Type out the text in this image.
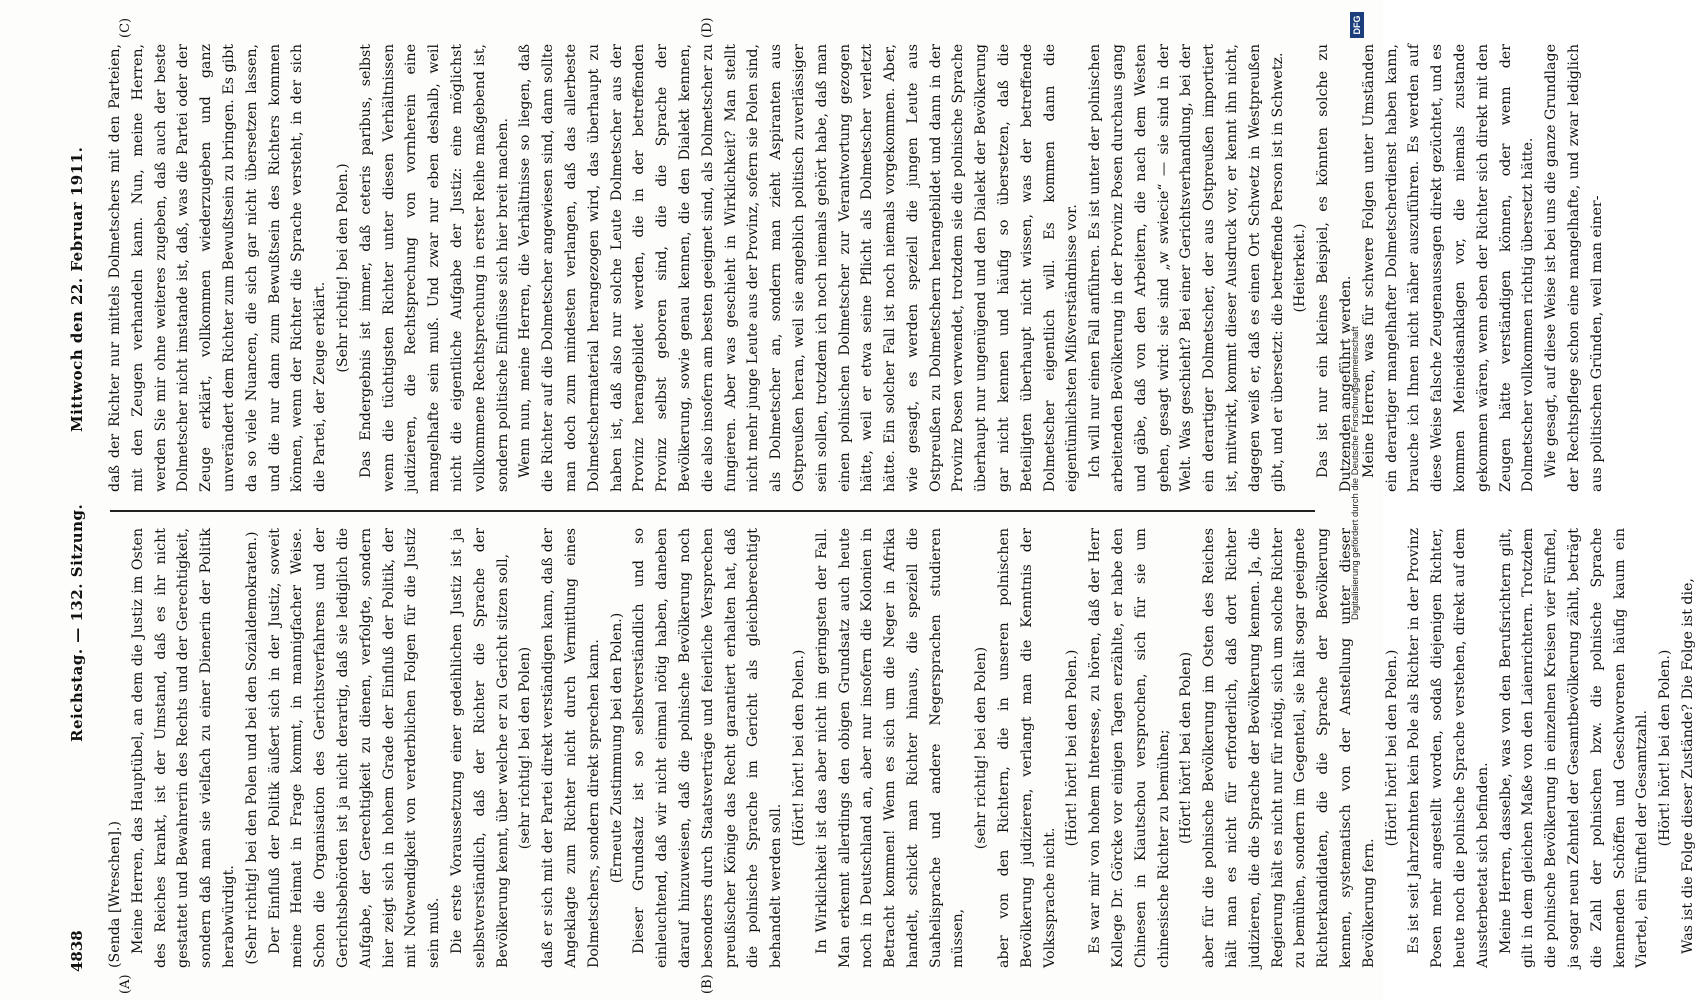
4838
Reichstag. — 132. Sitzung.
Mittwoch den 22. Februar 1911.
(A)	(B)
(C)	(D)

(Senda [Wreschen].) Meine Herren, das Hauptübel, an dem die Justiz im Osten des Reiches krankt, ist der Umstand, daß es ihr nicht gestattet und Bewahrerin des Rechts und der Gerechtigkeit, sondern daß man sie vielfach zu einer Dienerin der Politik herabwürdigt. (Sehr richtig! bei den Polen und bei den Sozialdemokraten.) Der Einfluß der Politik äußert sich in der Justiz, soweit meine Heimat in Frage kommt, in mannigfacher Weise. Schon die Organisation des Gerichtsverfahrens und der Gerichtsbehörden ist ja nicht derartig, daß sie lediglich die Aufgabe, der Gerechtigkeit zu dienen, verfolgte, sondern hier zeigt sich in hohem Grade der Einfluß der Politik, der mit Notwendigkeit von verderblichen Folgen für die Justiz sein muß. Die erste Voraussetzung einer gedeihlichen Justiz ist ja selbstverständlich, daß der Richter die Sprache der Bevölkerung kennt, über welche er zu Gericht sitzen soll, (sehr richtig! bei den Polen) daß er sich mit der Partei direkt verständigen kann, daß der Angeklagte zum Richter nicht durch Vermittlung eines Dolmetschers, sondern direkt sprechen kann. (Erneute Zustimmung bei den Polen.) Dieser Grundsatz ist so selbstverständlich und so einleuchtend, daß wir nicht einmal nötig haben, daneben darauf hinzuweisen, daß die polnische Bevölkerung noch besonders durch Staatsverträge und feierliche Versprechen preußischer Könige das Recht garantiert erhalten hat, daß die polnische Sprache im Gericht als gleichberechtigt behandelt werden soll.

(Hört! hört! bei den Polen.) In Wirklichkeit ist das aber nicht im geringsten der Fall. Man erkennt allerdings den obigen Grundsatz auch heute noch in Deutschland an, aber nur insofern die Kolonien in Betracht kommen! Wenn es sich um die Neger in Afrika handelt, schickt man Richter hinaus, die speziell die Suahelisprache und andere Negersprachen studieren müssen,

(sehr richtig! bei den Polen) aber von den Richtern, die in unseren polnischen Bevölkerung judizieren, verlangt man die Kenntnis der Volkssprache nicht.

(Hört! hört! bei den Polen.) Es war mir von hohem Interesse, zu hören, daß der Herr Kollege Dr. Görcke vor einigen Tagen erzählte, er habe den Chinesen in Kiautschou versprochen, sich für sie um chinesische Richter zu bemühen; (Hört! hört! bei den Polen) aber für die polnische Bevölkerung im Osten des Reiches hält man es nicht für erforderlich, daß dort Richter judizieren, die die Sprache der Bevölkerung kennen. Ja, die Regierung hält es nicht nur für nötig, sich um solche Richter zu bemühen, sondern im Gegenteil, sie hält sogar geeignete Richterkandidaten, die die Sprache der Bevölkerung kennen, systematisch von der Anstellung unter dieser Bevölkerung fern.

(Hört! hört! bei den Polen.) Es ist seit Jahrzehnten kein Pole als Richter in der Provinz Posen mehr angestellt worden, sodaß diejenigen Richter, heute noch die polnische Sprache verstehen, direkt auf dem Aussterbeetat sich befinden. Meine Herren, dasselbe, was von den Berufsrichtern gilt, gilt in dem gleichen Maße von den Laienrichtern. Trotzdem die polnische Bevölkerung in einzelnen Kreisen vier Fünftel, ja sogar neun Zehntel der Gesamtbevölkerung zählt, beträgt die Zahl der polnischen bzw. die polnische Sprache kennenden Schöffen und Geschworenen häufig kaum ein Viertel, ein Fünftel der Gesamtzahl. (Hört! hört! bei den Polen.) Was ist die Folge dieser Zustände? Die Folge ist die,

daß der Richter nur mittels Dolmetschers mit den Parteien, mit den Zeugen verhandeln kann. Nun, meine Herren, werden Sie mir ohne weiteres zugeben, daß auch der beste Dolmetscher nicht imstande ist, daß, was die Partei oder der Zeuge erklärt, vollkommen wiederzugeben und ganz unverändert dem Richter zum Bewußtsein zu bringen. Es gibt da so viele Nuancen, die sich gar nicht übersetzen lassen, und die nur dann zum Bewußtsein des Richters kommen können, wenn der Richter die Sprache versteht, in der sich die Partei, der Zeuge erklärt.

(Sehr richtig! bei den Polen.) Das Endergebnis ist immer, daß ceteris paribus, selbst wenn die tüchtigsten Richter unter diesen Verhältnissen judizieren, die Rechtsprechung von vornherein eine mangelhafte sein muß. Und zwar nur eben deshalb, weil nicht die eigentliche Aufgabe der Justiz: eine möglichst vollkommene Rechtsprechung in erster Reihe maßgebend ist, sondern politische Einflüsse sich hier breit machen. Wenn nun, meine Herren, die Verhältnisse so liegen, daß die Richter auf die Dolmetscher angewiesen sind, dann sollte man doch zum mindesten verlangen, daß das allerbeste Dolmetschermaterial herangezogen wird, das überhaupt zu haben ist, daß also nur solche Leute Dolmetscher aus der Provinz herangebildet werden, die in der betreffenden Provinz selbst geboren sind, die die Sprache der Bevölkerung, sowie genau kennen, die den Dialekt kennen, die also insofern am besten geeignet sind, als Dolmetscher zu fungieren. Aber was geschieht in Wirklichkeit? Man stellt nicht mehr junge Leute aus der Provinz, sofern sie Polen sind, als Dolmetscher an, sondern man zieht Aspiranten aus Ostpreußen heran, weil sie angeblich politisch zuverlässiger sein sollen, trotzdem ich noch niemals gehört habe, daß man einen polnischen Dolmetscher zur Verantwortung gezogen hätte, weil er etwa seine Pflicht als Dolmetscher verletzt hätte. Ein solcher Fall ist noch niemals vorgekommen. Aber, wie gesagt, es werden speziell die jungen Leute aus Ostpreußen zu Dolmetschern herangebildet und dann in der Provinz Posen verwendet, trotzdem sie die polnische Sprache überhaupt nur ungenügend und den Dialekt der Bevölkerung gar nicht kennen und häufig so übersetzen, daß die Beteiligten überhaupt nicht wissen, was der betreffende Dolmetscher eigentlich will. Es kommen dann die eigentümlichsten Mißverständnisse vor. Ich will nur einen Fall anführen. Es ist unter der polnischen arbeitenden Bevölkerung in der Provinz Posen durchaus gang und gäbe, daß von den Arbeitern, die nach dem Westen gehen, gesagt wird: sie sind „w swiecie“ — sie sind in der Welt. Was geschieht? Bei einer Gerichtsverhandlung, bei der ein derartiger Dolmetscher, der aus Ostpreußen importiert ist, mitwirkt, kommt dieser Ausdruck vor, er kennt ihn nicht, dagegen weiß er, daß es einen Ort Schwetz in Westpreußen gibt, und er übersetzt: die betreffende Person ist in Schwetz. (Heiterkeit.) Das ist nur ein kleines Beispiel, es könnten solche zu Dutzenden angeführt werden. Meine Herren, was für schwere Folgen unter Umständen ein derartiger mangelhafter Dolmetscherdienst haben kann, brauche ich Ihnen nicht näher auszuführen. Es werden auf diese Weise falsche Zeugenaussagen direkt gezüchtet, und es kommen Meineidsanklagen vor, die niemals zustande gekommen wären, wenn eben der Richter sich direkt mit den Zeugen hätte verständigen können, oder wenn der Dolmetscher vollkommen richtig übersetzt hätte. Wie gesagt, auf diese Weise ist bei uns die ganze Grundlage der Rechtspflege schon eine mangelhafte, und zwar lediglich aus politischen Gründen, weil man einer-

Digitalisierung gefördert durch die Deutsche Forschungsgemeinschaft
DFG
